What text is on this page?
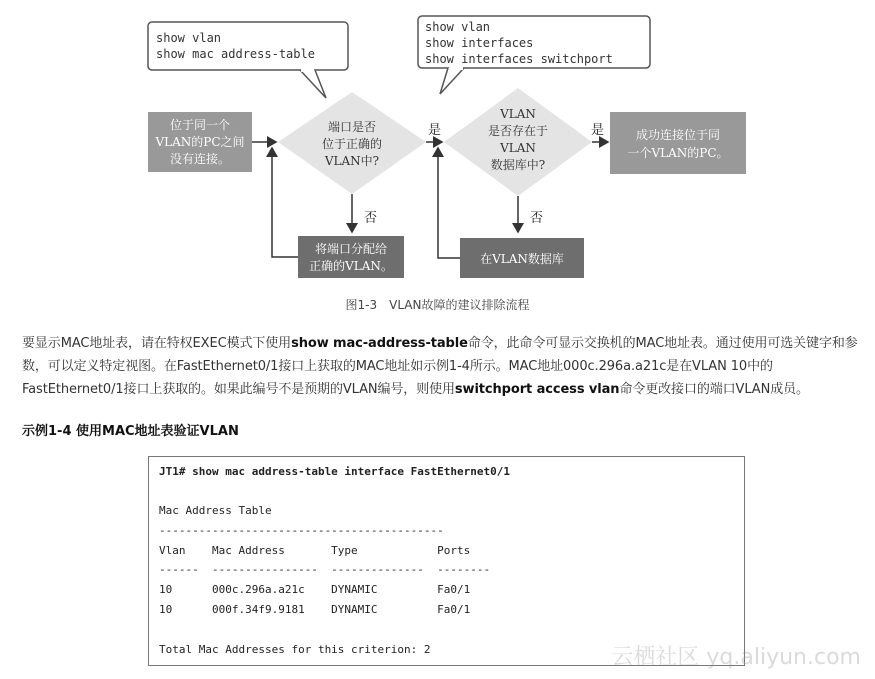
show vlan
show mac address-table
show vlan
show interfaces
show interfaces switchport
位于同一个
VLAN的PC之间
没有连接。
端口是否
位于正确的
VLAN中?
是
VLAN
是否存在于
VLAN
数据库中?
是	成功连接位于同
一个VLAN的PC。
否
将端口分配给
正确的VLAN。
否
在VLAN数据库
图1-3　VLAN故障的建议排除流程
要显示MAC地址表，请在特权EXEC模式下使用show mac-address-table命令，此命令可显示交换机的MAC地址表。通过使用可选关键字和参数，可以定义特定视图。在FastEthernet0/1接口上获取的MAC地址如示例1-4所示。MAC地址000c.296a.a21c是在VLAN 10中的FastEthernet0/1接口上获取的。如果此编号不是预期的VLAN编号，则使用switchport access vlan命令更改接口的端口VLAN成员。
示例1-4 使用MAC地址表验证VLAN
JT1# show mac address-table interface FastEthernet0/1
Mac Address Table
-------------------------------------------
Vlan    Mac Address       Type            Ports
------  ----------------  --------------  --------
10      000c.296a.a21c    DYNAMIC         Fa0/1
10      000f.34f9.9181    DYNAMIC         Fa0/1
Total Mac Addresses for this criterion: 2	云栖社区 yq.aliyun.com
